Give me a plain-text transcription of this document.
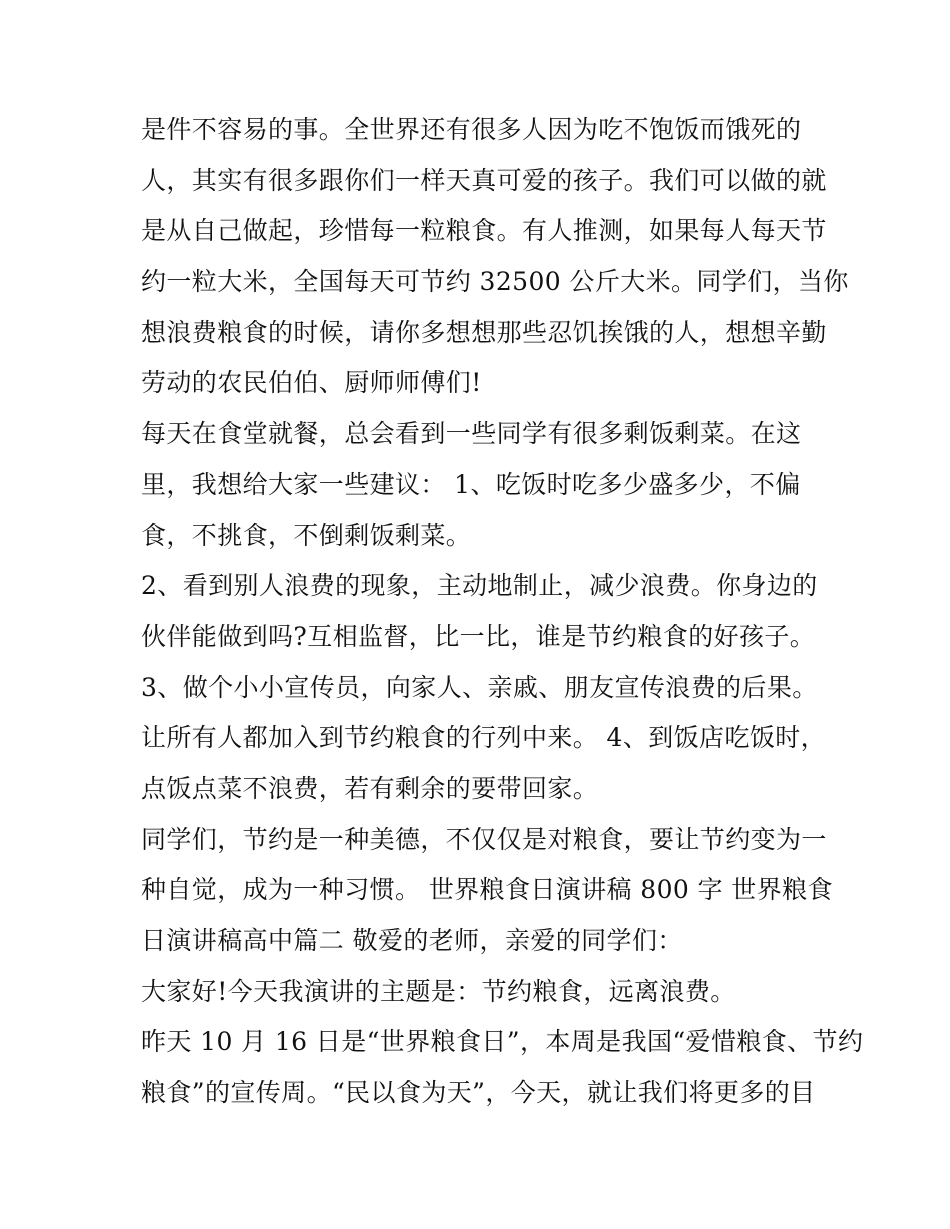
是件不容易的事。全世界还有很多人因为吃不饱饭而饿死的
人，其实有很多跟你们一样天真可爱的孩子。我们可以做的就
是从自己做起，珍惜每一粒粮食。有人推测，如果每人每天节
约一粒大米，全国每天可节约 32500 公斤大米。同学们，当你
想浪费粮食的时候，请你多想想那些忍饥挨饿的人，想想辛勤
劳动的农民伯伯、厨师师傅们!
每天在食堂就餐，总会看到一些同学有很多剩饭剩菜。在这
里，我想给大家一些建议： 1、吃饭时吃多少盛多少，不偏
食，不挑食，不倒剩饭剩菜。
2、看到别人浪费的现象，主动地制止，减少浪费。你身边的
伙伴能做到吗?互相监督，比一比，谁是节约粮食的好孩子。
3、做个小小宣传员，向家人、亲戚、朋友宣传浪费的后果。
让所有人都加入到节约粮食的行列中来。 4、到饭店吃饭时，
点饭点菜不浪费，若有剩余的要带回家。
同学们，节约是一种美德，不仅仅是对粮食，要让节约变为一
种自觉，成为一种习惯。 世界粮食日演讲稿 800 字 世界粮食
日演讲稿高中篇二 敬爱的老师，亲爱的同学们：
大家好!今天我演讲的主题是：节约粮食，远离浪费。
昨天 10 月 16 日是“世界粮食日”，本周是我国“爱惜粮食、节约
粮食”的宣传周。“民以食为天”，今天，就让我们将更多的目
